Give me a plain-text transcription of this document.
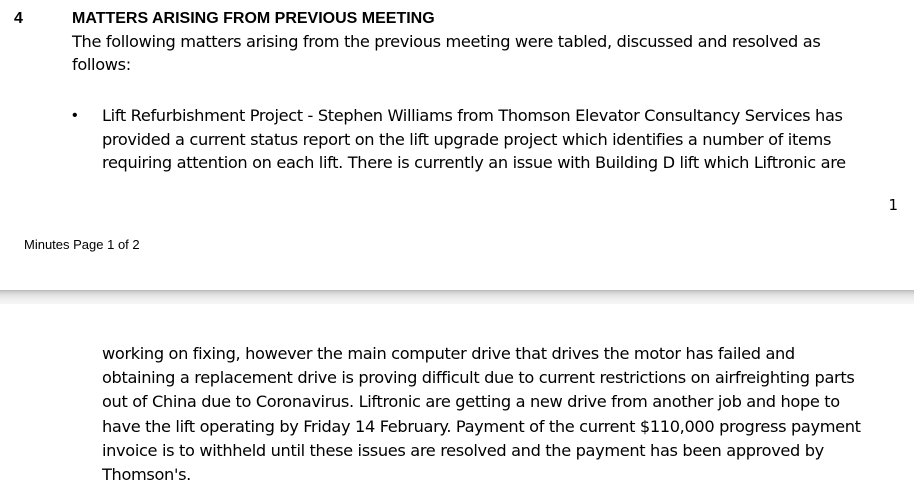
4	MATTERS ARISING FROM PREVIOUS MEETING
The following matters arising from the previous meeting were tabled, discussed and resolved as
follows:
• Lift Refurbishment Project - Stephen Williams from Thomson Elevator Consultancy Services has
provided a current status report on the lift upgrade project which identifies a number of items
requiring attention on each lift. There is currently an issue with Building D lift which Liftronic are
1
Minutes Page 1 of 2
working on fixing, however the main computer drive that drives the motor has failed and
obtaining a replacement drive is proving difficult due to current restrictions on airfreighting parts
out of China due to Coronavirus. Liftronic are getting a new drive from another job and hope to
have the lift operating by Friday 14 February. Payment of the current $110,000 progress payment
invoice is to withheld until these issues are resolved and the payment has been approved by
Thomson's.
